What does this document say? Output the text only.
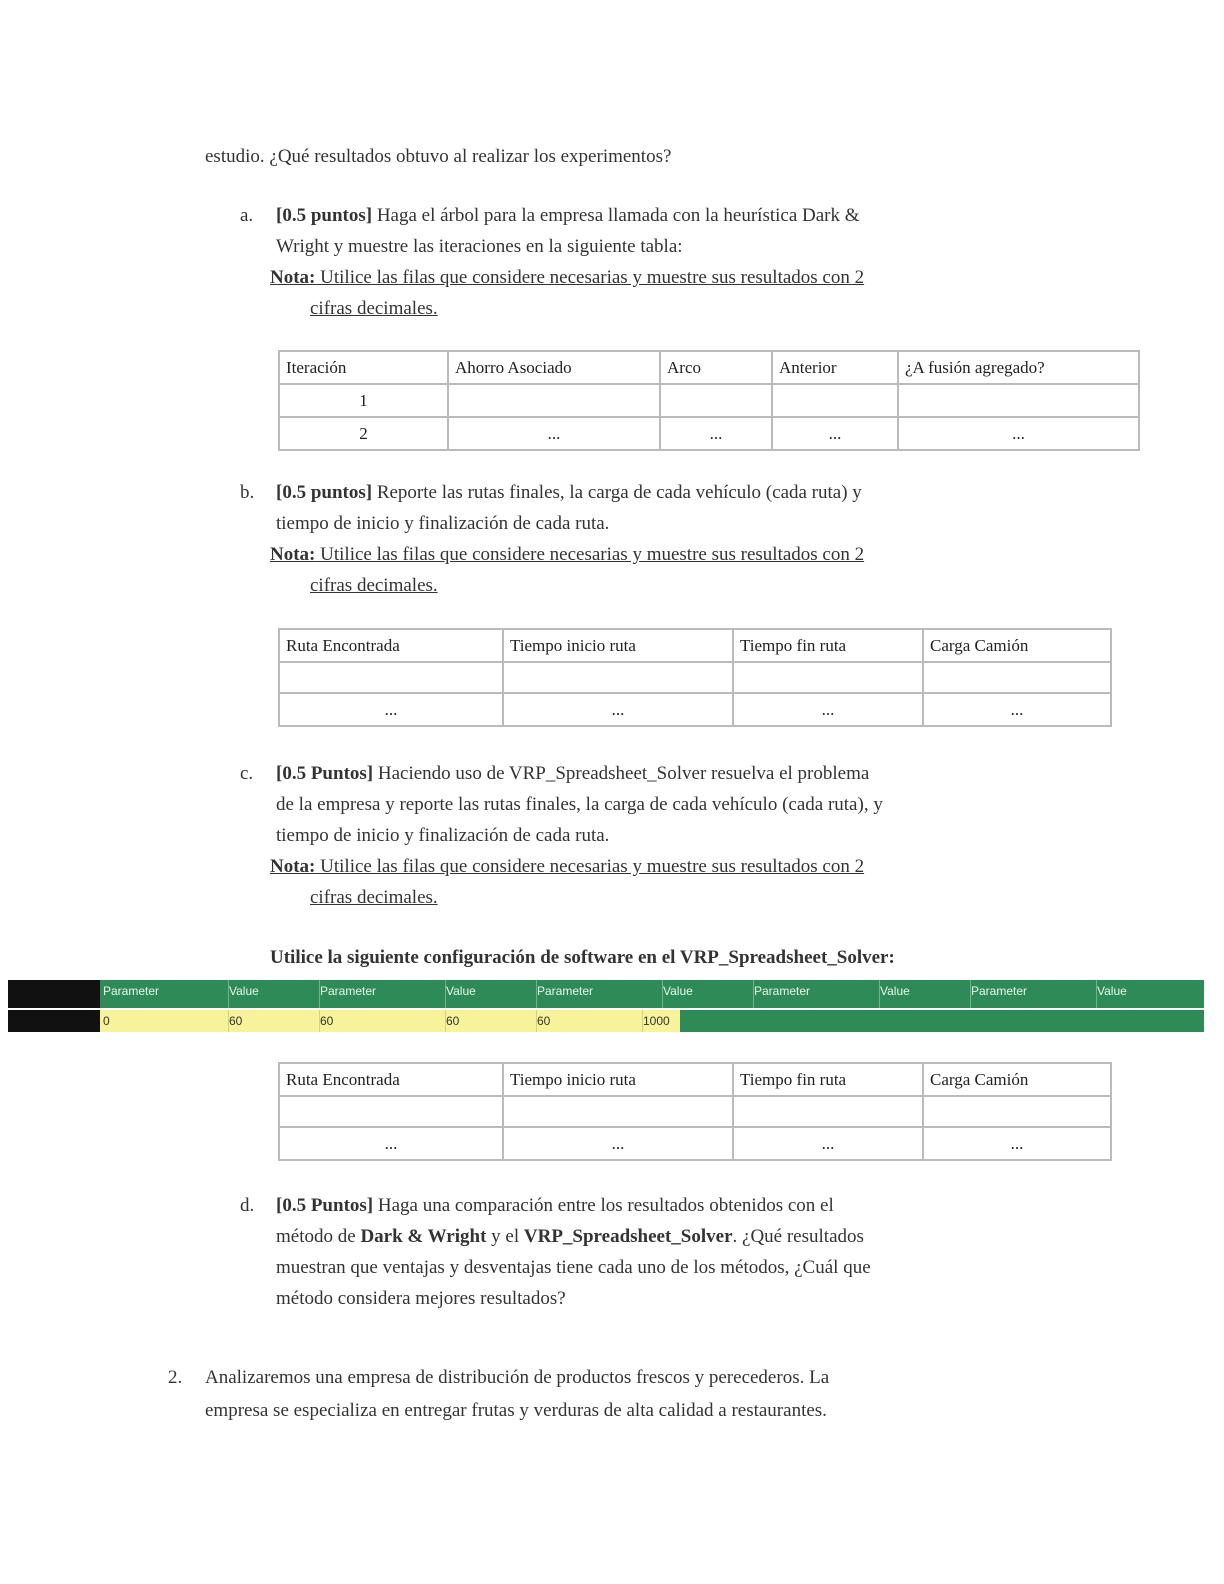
estudio. ¿Qué resultados obtuvo al realizar los experimentos?
a. [0.5 puntos] Haga el árbol para la empresa llamada con la heurística Dark &
Wright y muestre las iteraciones en la siguiente tabla:
Nota: Utilice las filas que considere necesarias y muestre sus resultados con 2
cifras decimales.
Iteración	Ahorro Asociado	Arco	Anterior	¿A fusión agregado?
1				
2	...	...	...	...
b. [0.5 puntos] Reporte las rutas finales, la carga de cada vehículo (cada ruta) y
tiempo de inicio y finalización de cada ruta.
Nota: Utilice las filas que considere necesarias y muestre sus resultados con 2
cifras decimales.
Ruta Encontrada	Tiempo inicio ruta	Tiempo fin ruta	Carga Camión

...	...	...	...
c. [0.5 Puntos] Haciendo uso de VRP_Spreadsheet_Solver resuelva el problema
de la empresa y reporte las rutas finales, la carga de cada vehículo (cada ruta), y
tiempo de inicio y finalización de cada ruta.
Nota: Utilice las filas que considere necesarias y muestre sus resultados con 2
cifras decimales.
Utilice la siguiente configuración de software en el VRP_Spreadsheet_Solver:
Parameter	Value	Parameter	Value	Parameter	Value	Parameter	Value	Parameter	Value
0	60	60	60	60	1000
Ruta Encontrada	Tiempo inicio ruta	Tiempo fin ruta	Carga Camión

...	...	...	...
d. [0.5 Puntos] Haga una comparación entre los resultados obtenidos con el
método de Dark & Wright y el VRP_Spreadsheet_Solver. ¿Qué resultados
muestran que ventajas y desventajas tiene cada uno de los métodos, ¿Cuál que
método considera mejores resultados?
2. Analizaremos una empresa de distribución de productos frescos y perecederos. La
empresa se especializa en entregar frutas y verduras de alta calidad a restaurantes.
